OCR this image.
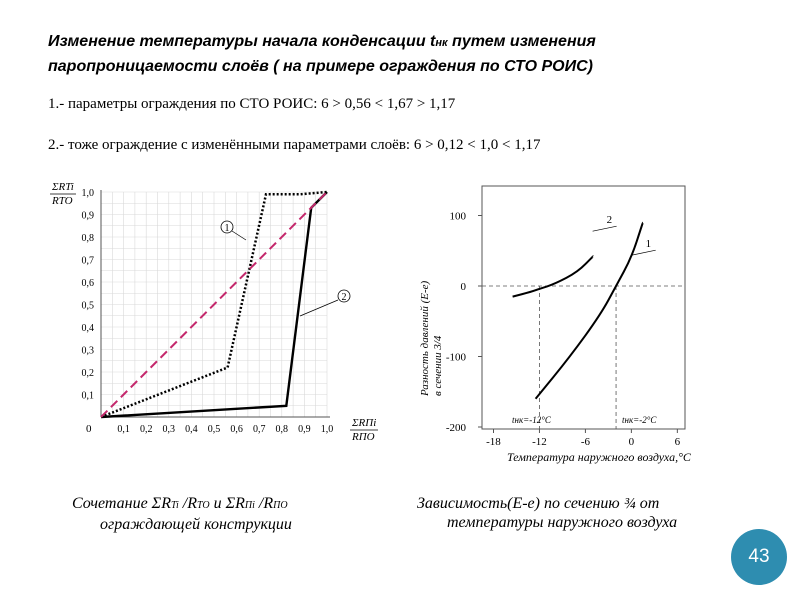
Изменение температуры начала конденсации tнк путем изменения паропроницаемости слоёв ( на примере ограждения по СТО РОИС)
1.- параметры ограждения по СТО РОИС: 6 > 0,56 < 1,67 > 1,17
2.- тоже ограждение с изменёнными параметрами слоёв: 6 > 0,12 < 1,0 < 1,17
0,1 0,2 0,3 0,4 0,5 0,6 0,7 0,8 0,9 1,0
0,1
0,2
0,3
0,4
0,5
0,6
0,7
0,8
0,9
1,0
ΣRTi
RTO
ΣRПi
RПО
0
1
2
-18	-12	-6	0	6
100
0
-100
-200
1
2
tнк=-12°С	tнк=-2°С
Температура наружного воздуха,°С
Разность давлений (Е-е) в сечении 3/4
Сочетание ΣRTi /RTO и ΣRПi /RПО
ограждающей конструкции
Зависимость(Е-е) по сечению ¾ от
температуры наружного воздуха
43
